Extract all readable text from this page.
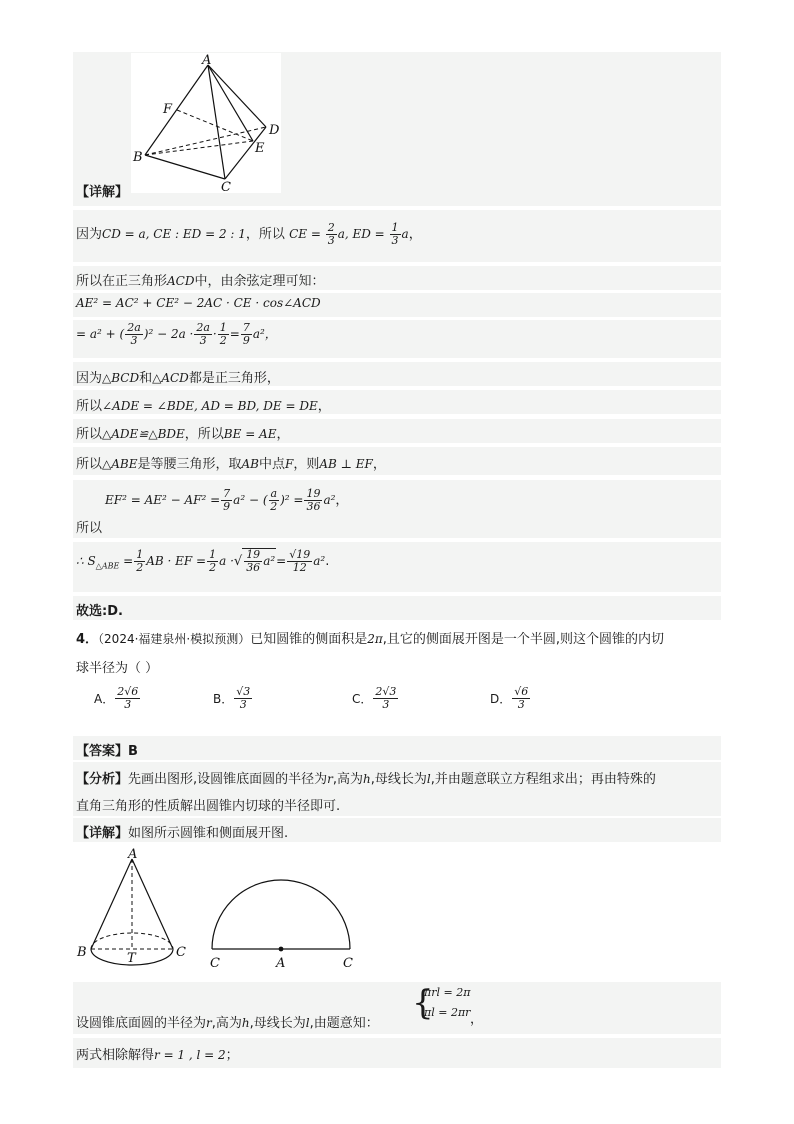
A
F
D
E
B
C
【详解】
因为CD = a, CE : ED = 2 : 1，所以 CE = $\frac{2}{3} a$, ED = $\frac{1}{3}$ a，
所以在正三角形ACD中，由余弦定理可知：
AE² = AC² + CE² − 2AC · CE · cos∠ACD
= a² + ( $\frac{2a}{3} )^2 - 2a \cdot \frac{2a}{3} \cdot \frac{1}{2} = \frac{7}{9} a^2$，
因为△BCD和△ACD都是正三角形，
所以∠ADE = ∠BDE, AD = BD, DE = DE，
所以△ADE≌△BDE，所以BE = AE，
所以△ABE是等腰三角形，取AB中点F，则AB ⊥ EF，
所以
$EF^2 = AE^2 - AF^2 = \frac{7}{9} a^2$ − ( $\frac{a}{2} )^2 = \frac{19}{36} a^2$，
∴ $S_{\triangle ABE} = \frac{1}{2}$ AB · EF = $\frac{1}{2}$ a ·√ $\frac{19}{36} a^2= \frac{√19}{12} a^2$.
故选:D.
4．（2024·福建泉州·模拟预测）已知圆锥的侧面积是2π,且它的侧面展开图是一个半圆,则这个圆锥的内切
球半径为（ ）
A． $\frac{2√6}{3}$	B． $\frac{√3}{3}$	C． $\frac{2√3}{3}$	D． $\frac{√6}{3}$
【答案】B
【分析】先画出图形,设圆锥底面圆的半径为r,高为h,母线长为l,并由题意联立方程组求出；再由特殊的
直角三角形的性质解出圆锥内切球的半径即可.
【详解】如图所示圆锥和侧面展开图.
A
B	C
T	C	A	C
设圆锥底面圆的半径为r,高为h,母线长为l,由题意知：
{
πrl = 2π
πl = 2πr ，
两式相除解得r = 1 , l = 2；
